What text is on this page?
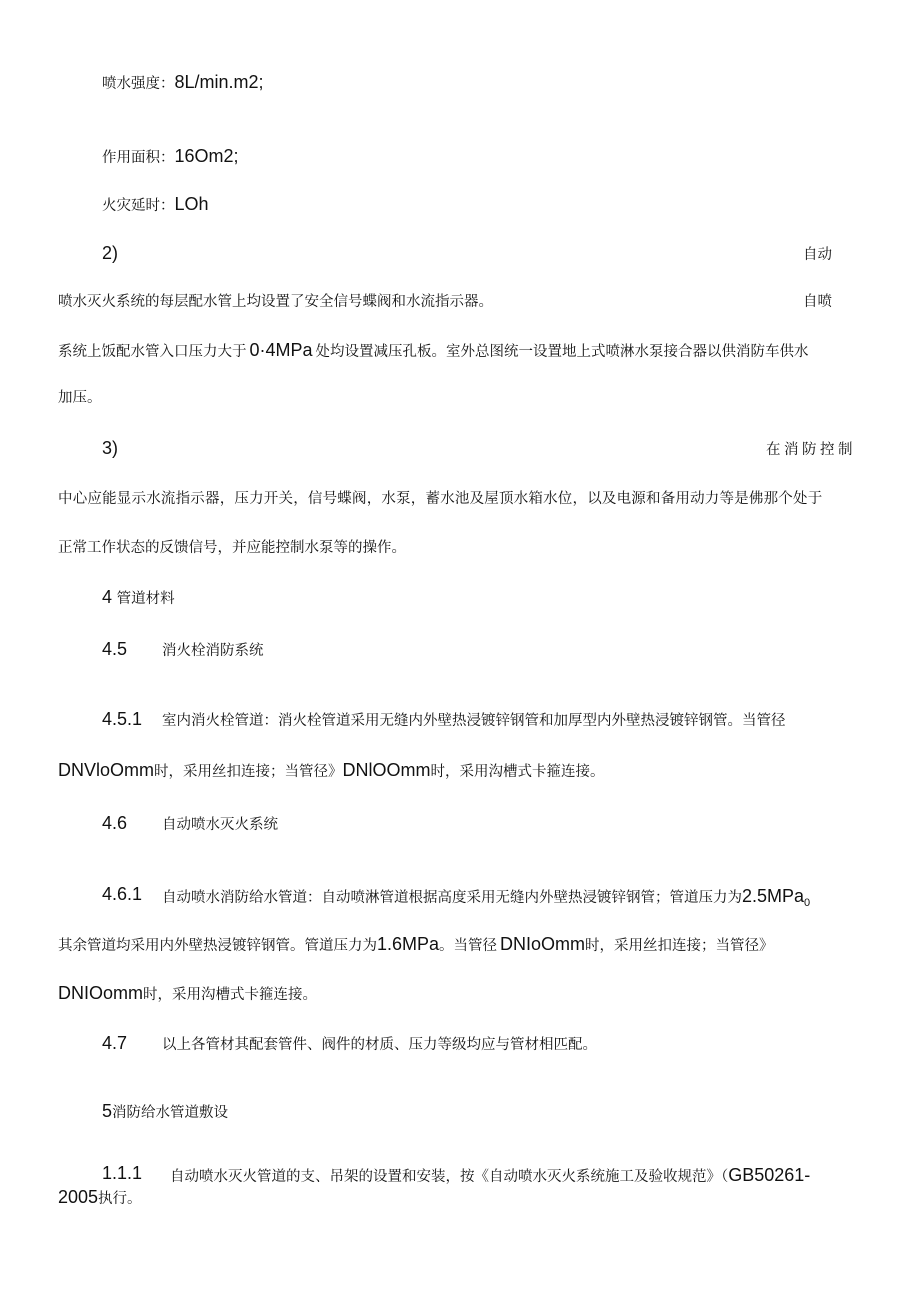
喷水强度：8L/min.m2;
作用面积：16Om2;
火灾延时：LOh
2)	自动
喷水灭火系统的每层配水管上均设置了安全信号蝶阀和水流指示器。	自喷
系统上饭配水管入口压力大于 0·4MPa 处均设置减压孔板。室外总图统一设置地上式喷淋水泵接合器以供消防车供水
加压。
3)	在消防控制
中心应能显示水流指示器，压力开关，信号蝶阀，水泵，蓄水池及屋顶水箱水位，以及电源和备用动力等是佛那个处于
正常工作状态的反馈信号，并应能控制水泵等的操作。
4 管道材料
4.5 消火栓消防系统
4.5.1 室内消火栓管道：消火栓管道采用无缝内外壁热浸镀锌钢管和加厚型内外壁热浸镀锌钢管。当管径
DNVloOmm时，采用丝扣连接；当管径》DNlOOmm时，采用沟槽式卡箍连接。
4.6 自动喷水灭火系统
4.6.1 自动喷水消防给水管道：自动喷淋管道根据高度采用无缝内外壁热浸镀锌钢管；管道压力为2.5MPa$_0$
其余管道均采用内外壁热浸镀锌钢管。管道压力为1.6MPa。当管径 DNIoOmm时，采用丝扣连接；当管径》
DNIOomm时，采用沟槽式卡箍连接。
4.7 以上各管材其配套管件、阀件的材质、压力等级均应与管材相匹配。
5消防给水管道敷设
1.1.1 自动喷水灭火管道的支、吊架的设置和安装，按《自动喷水灭火系统施工及验收规范》（GB50261-
2005执行。
